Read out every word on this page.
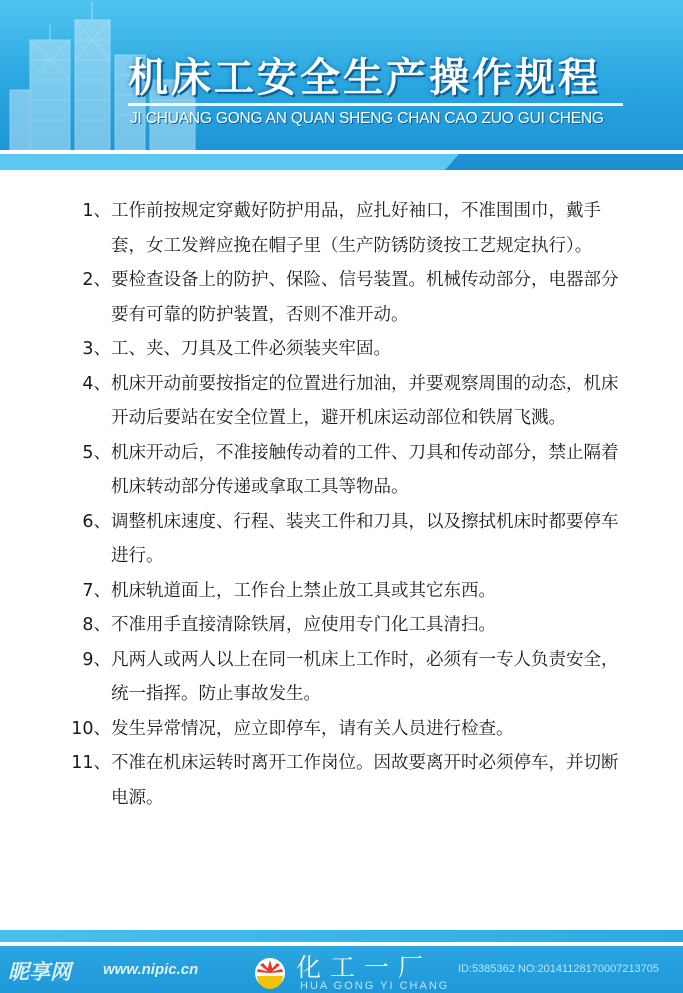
机床工安全生产操作规程

JI CHUANG GONG AN QUAN SHENG CHAN CAO ZUO GUI CHENG

1、 工作前按规定穿戴好防护用品，应扎好袖口，不准围围巾，戴手套，女工发辫应挽在帽子里（生产防锈防烫按工艺规定执行）。
2、 要检查设备上的防护、保险、信号装置。机械传动部分，电器部分要有可靠的防护装置，否则不准开动。
3、 工、夹、刀具及工件必须装夹牢固。
4、 机床开动前要按指定的位置进行加油，并要观察周围的动态，机床开动后要站在安全位置上，避开机床运动部位和铁屑飞溅。
5、 机床开动后，不准接触传动着的工件、刀具和传动部分，禁止隔着机床转动部分传递或拿取工具等物品。
6、 调整机床速度、行程、装夹工件和刀具，以及擦拭机床时都要停车进行。
7、 机床轨道面上，工作台上禁止放工具或其它东西。
8、 不准用手直接清除铁屑，应使用专门化工具清扫。
9、 凡两人或两人以上在同一机床上工作时，必须有一专人负责安全，统一指挥。防止事故发生。
10、 发生异常情况，应立即停车，请有关人员进行检查。
11、 不准在机床运转时离开工作岗位。因故要离开时必须停车，并切断电源。
昵享网 www.nipic.cn	化工一厂
HUA GONG YI CHANG
ID:5385362 NO:20141128170007213705
